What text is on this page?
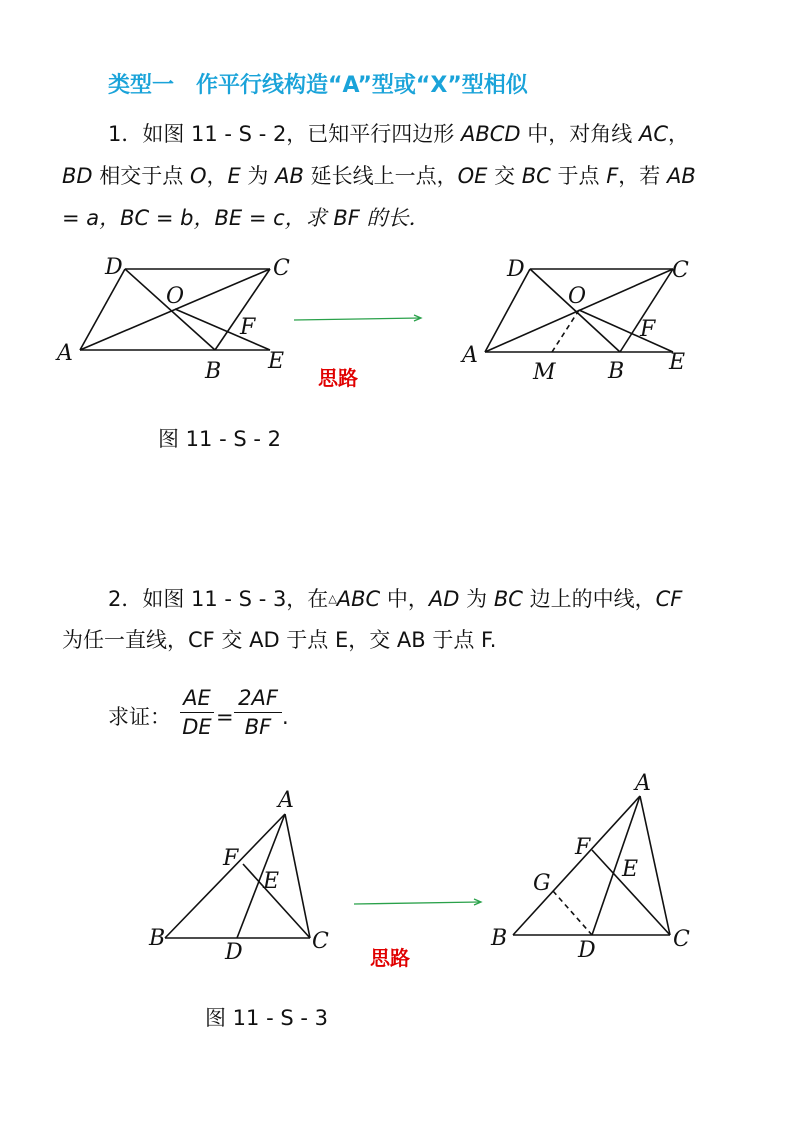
类型一　作平行线构造“A”型或“X”型相似
1．如图 11 - S - 2，已知平行四边形 ABCD 中，对角线 AC，
BD 相交于点 O，E 为 AB 延长线上一点，OE 交 BC 于点 F，若 AB
= a，BC = b，BE = c，求 BF 的长．
A
B
C
D
E
F
O
思路
A
B
C
D
E
F
O
M
图 11 - S - 2
2．如图 11 - S - 3，在△ABC 中，AD 为 BC 边上的中线，CF
为任一直线，CF 交 AD 于点 E，交 AB 于点 F.
求证：
AE
DE =
2AF
BF .
A
B	C
D
E
F
思路
A
B	C
D
E
F
G
图 11 - S - 3
